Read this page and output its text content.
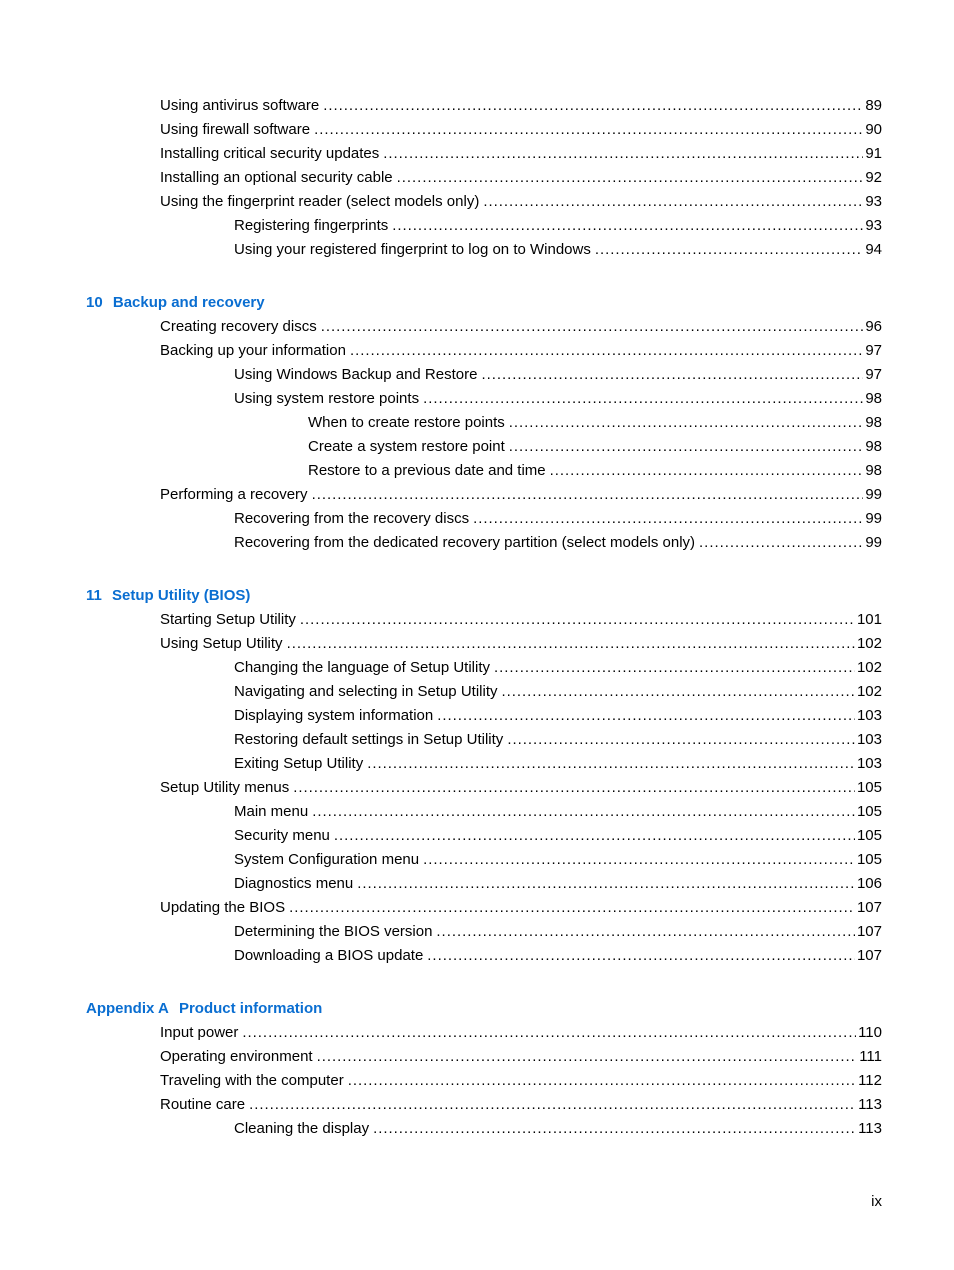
Using antivirus software . . .	89
Using firewall software . . .	90
Installing critical security updates . . .	91
Installing an optional security cable . . .	92
Using the fingerprint reader (select models only) . . .	93
Registering fingerprints . . .	93
Using your registered fingerprint to log on to Windows . . .	94
10 Backup and recovery
Creating recovery discs . . .	96
Backing up your information . . .	97
Using Windows Backup and Restore . . .	97
Using system restore points . . .	98
When to create restore points . . .	98
Create a system restore point . . .	98
Restore to a previous date and time . . .	98
Performing a recovery . . .	99
Recovering from the recovery discs . . .	99
Recovering from the dedicated recovery partition (select models only) . . .	99
11 Setup Utility (BIOS)
Starting Setup Utility . . .	101
Using Setup Utility . . .	102
Changing the language of Setup Utility . . .	102
Navigating and selecting in Setup Utility . . .	102
Displaying system information . . .	103
Restoring default settings in Setup Utility . . .	103
Exiting Setup Utility . . .	103
Setup Utility menus . . .	105
Main menu . . .	105
Security menu . . .	105
System Configuration menu . . .	105
Diagnostics menu . . .	106
Updating the BIOS . . .	107
Determining the BIOS version . . .	107
Downloading a BIOS update . . .	107
Appendix A Product information
Input power . . .	110
Operating environment . . .	111
Traveling with the computer . . .	112
Routine care . . .	113
Cleaning the display . . .	113
ix
